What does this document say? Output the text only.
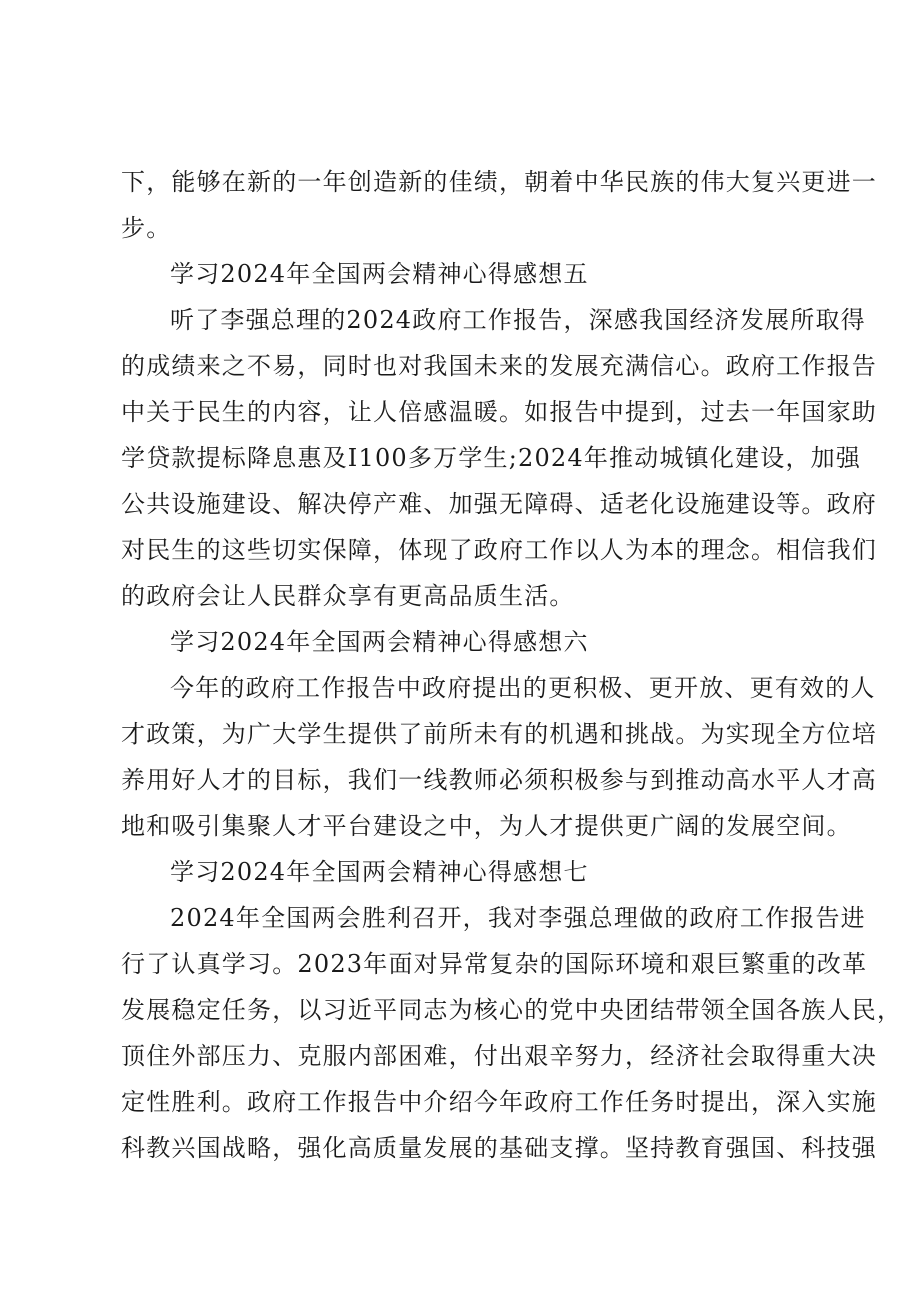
下，能够在新的一年创造新的佳绩，朝着中华民族的伟大复兴更进一
步。
学习2024年全国两会精神心得感想五
听了李强总理的2024政府工作报告，深感我国经济发展所取得
的成绩来之不易，同时也对我国未来的发展充满信心。政府工作报告
中关于民生的内容，让人倍感温暖。如报告中提到，过去一年国家助
学贷款提标降息惠及I100多万学生;2024年推动城镇化建设，加强
公共设施建设、解决停产难、加强无障碍、适老化设施建设等。政府
对民生的这些切实保障，体现了政府工作以人为本的理念。相信我们
的政府会让人民群众享有更高品质生活。
学习2024年全国两会精神心得感想六
今年的政府工作报告中政府提出的更积极、更开放、更有效的人
才政策，为广大学生提供了前所未有的机遇和挑战。为实现全方位培
养用好人才的目标，我们一线教师必须积极参与到推动高水平人才高
地和吸引集聚人才平台建设之中，为人才提供更广阔的发展空间。
学习2024年全国两会精神心得感想七
2024年全国两会胜利召开，我对李强总理做的政府工作报告进
行了认真学习。2023年面对异常复杂的国际环境和艰巨繁重的改革
发展稳定任务，以习近平同志为核心的党中央团结带领全国各族人民，
顶住外部压力、克服内部困难，付出艰辛努力，经济社会取得重大决
定性胜利。政府工作报告中介绍今年政府工作任务时提出，深入实施
科教兴国战略，强化高质量发展的基础支撑。坚持教育强国、科技强
